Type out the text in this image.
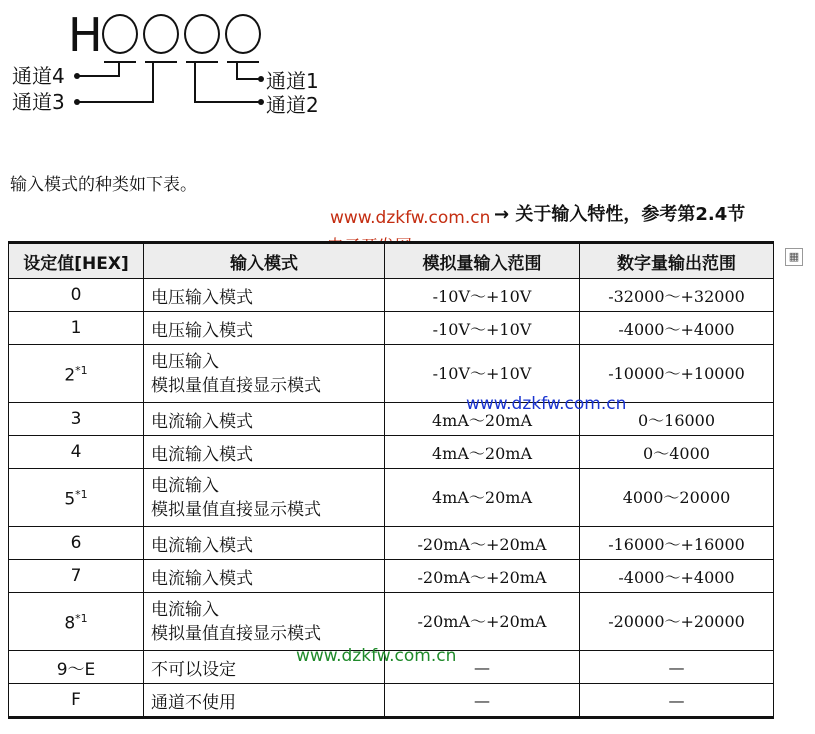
H
通道4
通道3
通道1
通道2
输入模式的种类如下表。
www.dzkfw.com.cn → 关于输入特性，参考第2.4节
▦
设定值[HEX]	输入模式	模拟量输入范围	数字量输出范围
0	电压输入模式	-10V～+10V	-32000～+32000
1	电压输入模式	-10V～+10V	-4000～+4000
2$^{*1}$	电压输入
模拟量值直接显示模式	-10V～+10V	-10000～+10000
3	电流输入模式	4mA～20mA	0～16000
4	电流输入模式	4mA～20mA	0～4000
5$^{*1}$	电流输入
模拟量值直接显示模式	4mA～20mA	4000～20000
6	电流输入模式	-20mA～+20mA	-16000～+16000
7	电流输入模式	-20mA～+20mA	-4000～+4000
8$^{*1}$	电流输入
模拟量值直接显示模式	-20mA～+20mA	-20000～+20000
9～E	不可以设定	—	—
F	通道不使用	—	—
www.dzkfw.com.cn
www.dzkfw.com.cn
